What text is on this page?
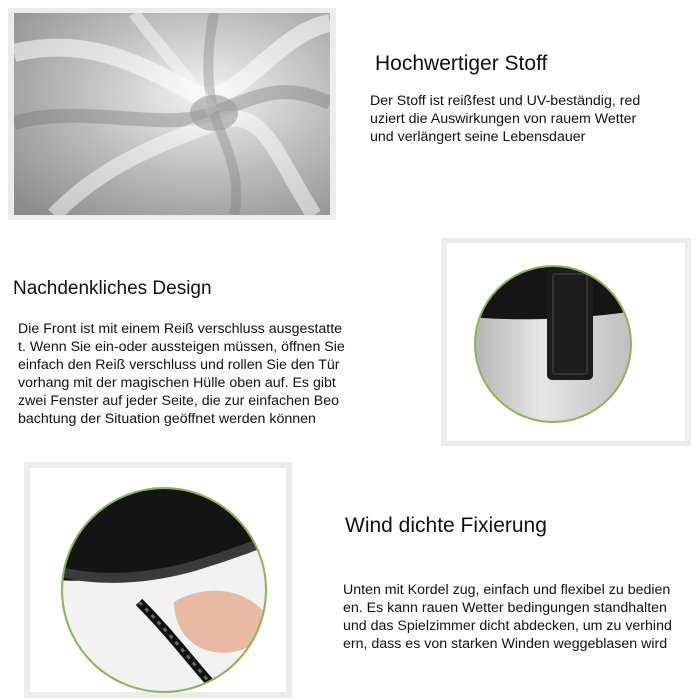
Hochwertiger Stoff
Der Stoff ist reißfest und UV-beständig, red
uziert die Auswirkungen von rauem Wetter
und verlängert seine Lebensdauer
Nachdenkliches Design
Die Front ist mit einem Reiß verschluss ausgestatte
t. Wenn Sie ein-oder aussteigen müssen, öffnen Sie
einfach den Reiß verschluss und rollen Sie den Tür
vorhang mit der magischen Hülle oben auf. Es gibt
zwei Fenster auf jeder Seite, die zur einfachen Beo
bachtung der Situation geöffnet werden können
Wind dichte Fixierung
Unten mit Kordel zug, einfach und flexibel zu bedien
en. Es kann rauen Wetter bedingungen standhalten
und das Spielzimmer dicht abdecken, um zu verhind
ern, dass es von starken Winden weggeblasen wird
